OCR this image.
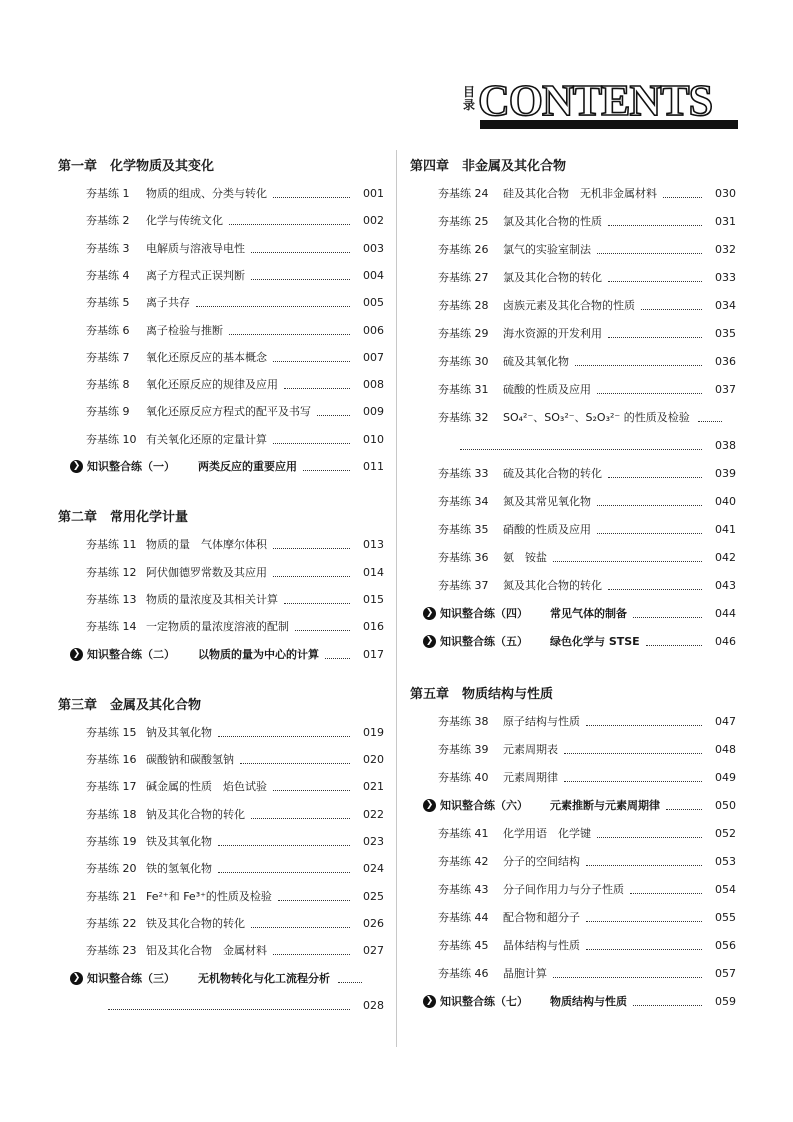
目录 CONTENTS
第一章　化学物质及其变化
夯基练 1 物质的组成、分类与转化	001
夯基练 2 化学与传统文化	002
夯基练 3 电解质与溶液导电性	003
夯基练 4 离子方程式正误判断	004
夯基练 5 离子共存	005
夯基练 6 离子检验与推断	006
夯基练 7 氧化还原反应的基本概念	007
夯基练 8 氧化还原反应的规律及应用	008
夯基练 9 氧化还原反应方程式的配平及书写	009
夯基练 10 有关氧化还原的定量计算	010
❯ 知识整合练（一） 两类反应的重要应用	011
第二章　常用化学计量
夯基练 11 物质的量　气体摩尔体积	013
夯基练 12 阿伏伽德罗常数及其应用	014
夯基练 13 物质的量浓度及其相关计算	015
夯基练 14 一定物质的量浓度溶液的配制	016
❯ 知识整合练（二） 以物质的量为中心的计算	017
第三章　金属及其化合物
夯基练 15 钠及其氧化物	019
夯基练 16 碳酸钠和碳酸氢钠	020
夯基练 17 碱金属的性质　焰色试验	021
夯基练 18 钠及其化合物的转化	022
夯基练 19 铁及其氧化物	023
夯基练 20 铁的氢氧化物	024
夯基练 21 Fe²⁺和 Fe³⁺的性质及检验	025
夯基练 22 铁及其化合物的转化	026
夯基练 23 铝及其化合物　金属材料	027
❯ 知识整合练（三） 无机物转化与化工流程分析
028
第四章　非金属及其化合物
夯基练 24 硅及其化合物　无机非金属材料	030
夯基练 25 氯及其化合物的性质	031
夯基练 26 氯气的实验室制法	032
夯基练 27 氯及其化合物的转化	033
夯基练 28 卤族元素及其化合物的性质	034
夯基练 29 海水资源的开发利用	035
夯基练 30 硫及其氧化物	036
夯基练 31 硫酸的性质及应用	037
夯基练 32 SO₄²⁻、SO₃²⁻、S₂O₃²⁻ 的性质及检验
038
夯基练 33 硫及其化合物的转化	039
夯基练 34 氮及其常见氧化物	040
夯基练 35 硝酸的性质及应用	041
夯基练 36 氨　铵盐	042
夯基练 37 氮及其化合物的转化	043
❯ 知识整合练（四） 常见气体的制备	044
❯ 知识整合练（五） 绿色化学与 STSE	046
第五章　物质结构与性质
夯基练 38 原子结构与性质	047
夯基练 39 元素周期表	048
夯基练 40 元素周期律	049
❯ 知识整合练（六） 元素推断与元素周期律	050
夯基练 41 化学用语　化学键	052
夯基练 42 分子的空间结构	053
夯基练 43 分子间作用力与分子性质	054
夯基练 44 配合物和超分子	055
夯基练 45 晶体结构与性质	056
夯基练 46 晶胞计算	057
❯ 知识整合练（七） 物质结构与性质	059
